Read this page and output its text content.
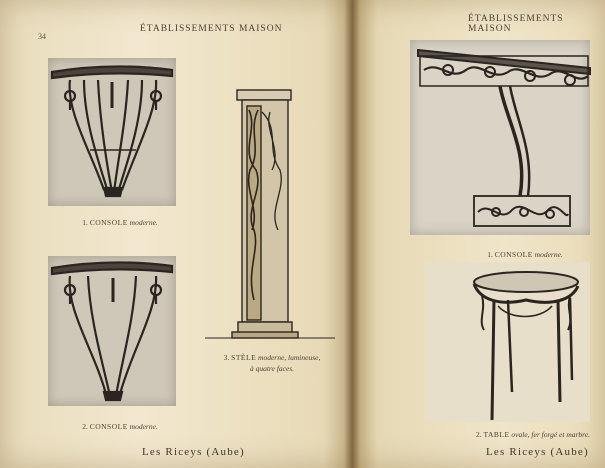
34
ÉTABLISSEMENTS MAISON
ÉTABLISSEMENTS MAISON
1. CONSOLE moderne.
2. CONSOLE moderne.
3. STÈLE moderne, lumineuse,
à quatre faces.
1. CONSOLE moderne.
2. TABLE ovale, fer forgé et marbre.
Les Riceys (Aube)	Les Riceys (Aube)
